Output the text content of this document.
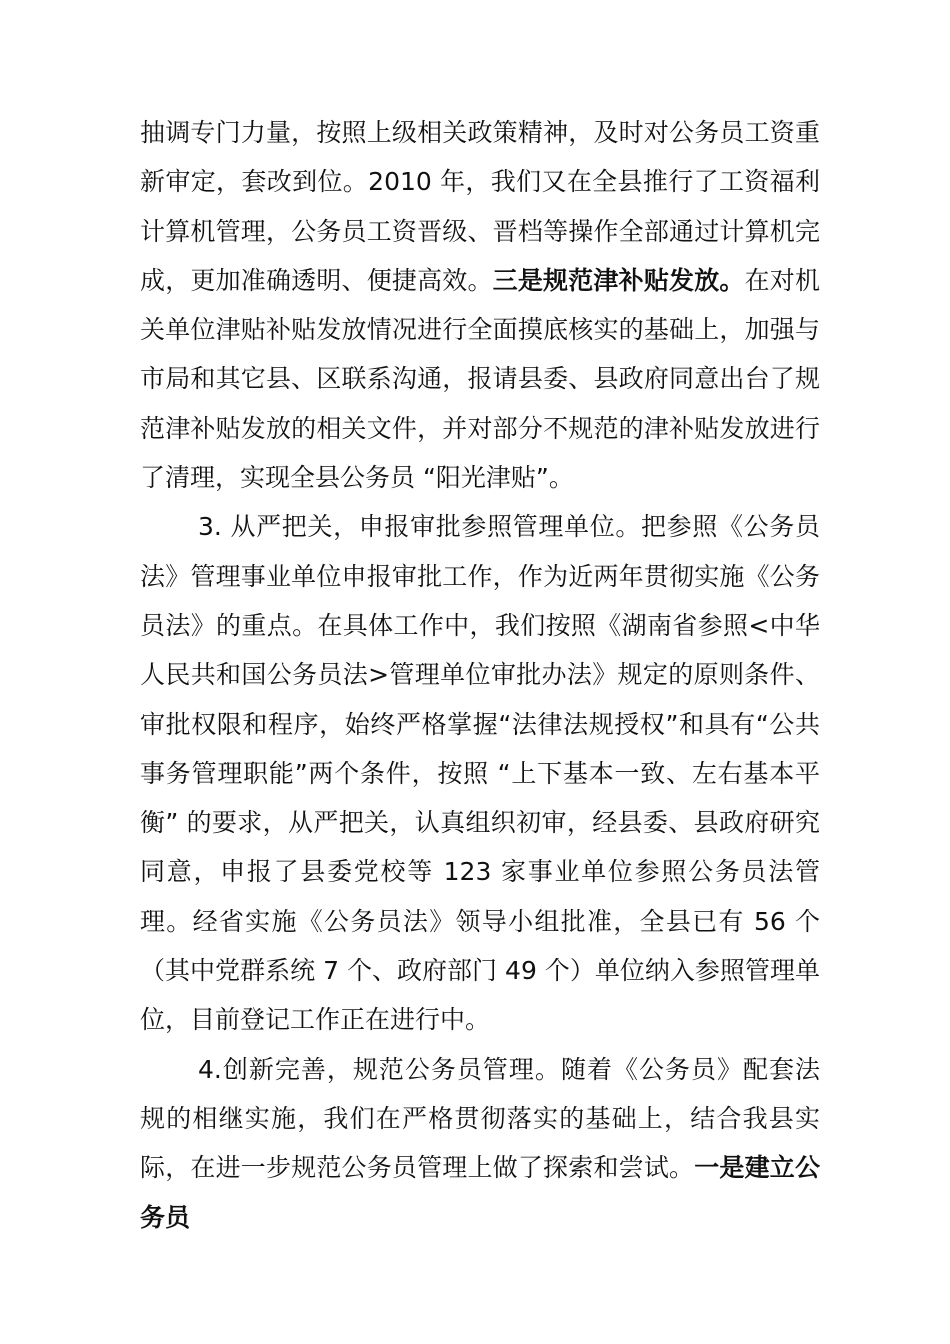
抽调专门力量，按照上级相关政策精神，及时对公务员工资重新审定，套改到位。2010 年，我们又在全县推行了工资福利计算机管理，公务员工资晋级、晋档等操作全部通过计算机完成，更加准确透明、便捷高效。三是规范津补贴发放。在对机关单位津贴补贴发放情况进行全面摸底核实的基础上，加强与市局和其它县、区联系沟通，报请县委、县政府同意出台了规范津补贴发放的相关文件，并对部分不规范的津补贴发放进行了清理，实现全县公务员 “阳光津贴”。

3. 从严把关，申报审批参照管理单位。把参照《公务员法》管理事业单位申报审批工作，作为近两年贯彻实施《公务员法》的重点。在具体工作中，我们按照《湖南省参照<中华人民共和国公务员法>管理单位审批办法》规定的原则条件、审批权限和程序，始终严格掌握“法律法规授权”和具有“公共事务管理职能”两个条件，按照 “上下基本一致、左右基本平衡” 的要求，从严把关，认真组织初审，经县委、县政府研究同意，申报了县委党校等 123 家事业单位参照公务员法管理。经省实施《公务员法》领导小组批准，全县已有 56 个（其中党群系统 7 个、政府部门 49 个）单位纳入参照管理单位，目前登记工作正在进行中。

4.创新完善，规范公务员管理。随着《公务员》配套法规的相继实施，我们在严格贯彻落实的基础上，结合我县实际，在进一步规范公务员管理上做了探索和尝试。一是建立公务员
